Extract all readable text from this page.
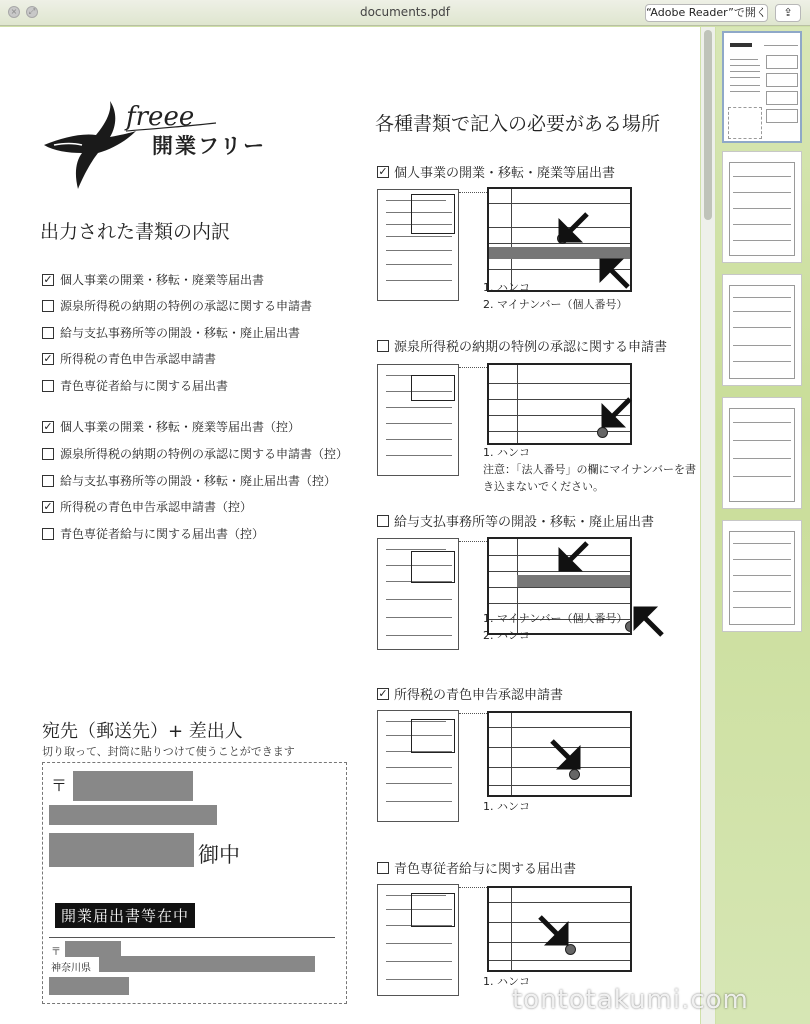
×	⤢	documents.pdf	“Adobe Reader”で開く	⇪
freee
開業フリー
出力された書類の内訳
✓ 個人事業の開業・移転・廃業等届出書
源泉所得税の納期の特例の承認に関する申請書
給与支払事務所等の開設・移転・廃止届出書
✓ 所得税の青色申告承認申請書
青色専従者給与に関する届出書
✓ 個人事業の開業・移転・廃業等届出書（控）
源泉所得税の納期の特例の承認に関する申請書（控）
給与支払事務所等の開設・移転・廃止届出書（控）
✓ 所得税の青色申告承認申請書（控）
青色専従者給与に関する届出書（控）
宛先（郵送先）+ 差出人
切り取って、封筒に貼りつけて使うことができます
〒
御中
開業届出書等在中
〒
神奈川県
各種書類で記入の必要がある場所
✓ 個人事業の開業・移転・廃業等届出書
1. ハンコ
2. マイナンバー（個人番号）
源泉所得税の納期の特例の承認に関する申請書
1. ハンコ
注意：「法人番号」の欄にマイナンバーを書
き込まないでください。
給与支払事務所等の開設・移転・廃止届出書
1. マイナンバー（個人番号）
2. ハンコ
✓ 所得税の青色申告承認申請書
1. ハンコ
青色専従者給与に関する届出書
1. ハンコ
tontotakumi.com
